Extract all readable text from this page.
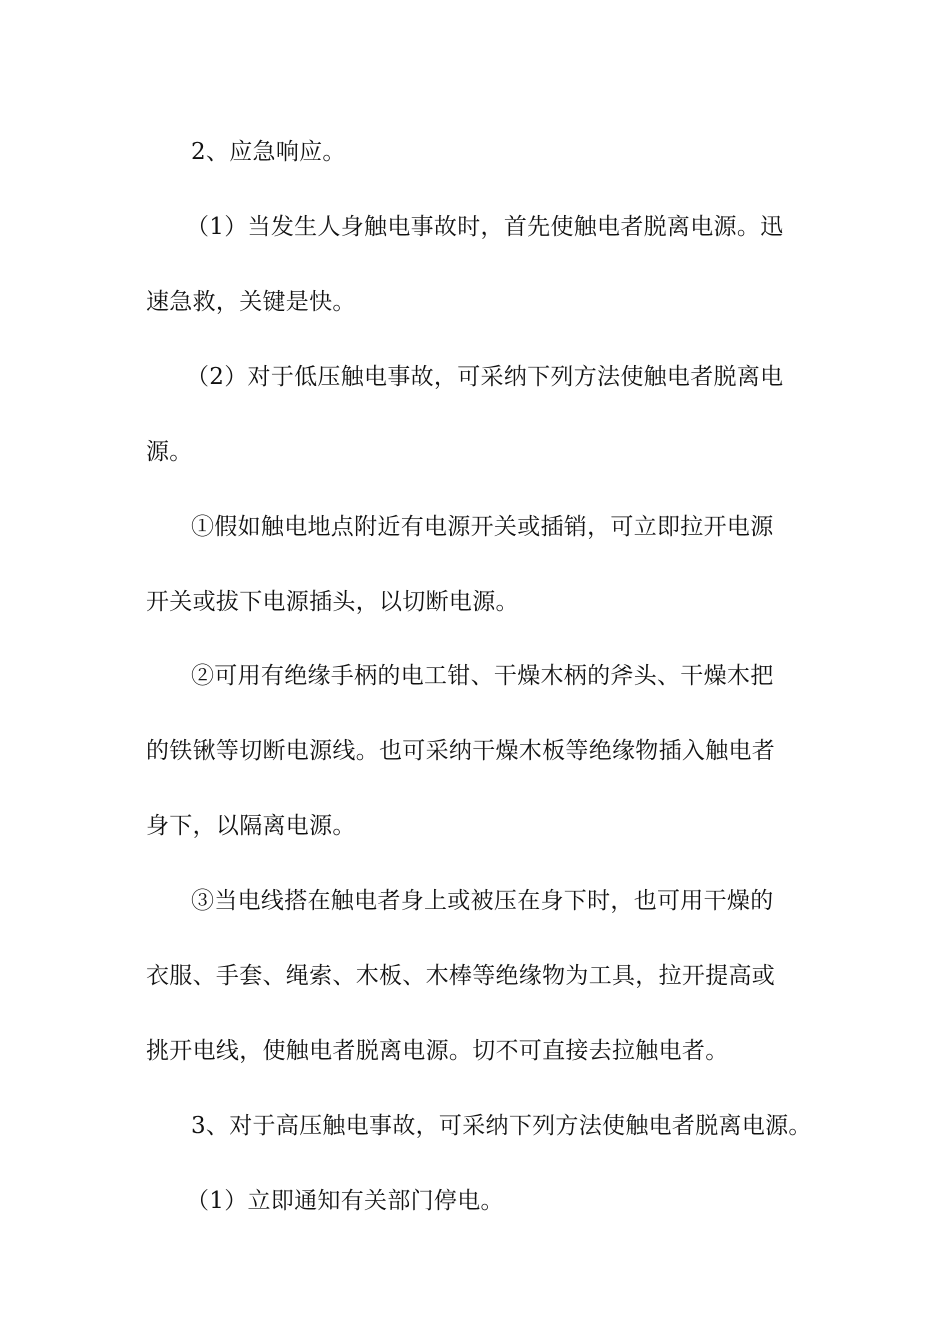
2、应急响应。
（1）当发生人身触电事故时，首先使触电者脱离电源。迅
速急救，关键是快。
（2）对于低压触电事故，可采纳下列方法使触电者脱离电
源。
①假如触电地点附近有电源开关或插销，可立即拉开电源
开关或拔下电源插头，以切断电源。
②可用有绝缘手柄的电工钳、干燥木柄的斧头、干燥木把
的铁锹等切断电源线。也可采纳干燥木板等绝缘物插入触电者
身下，以隔离电源。
③当电线搭在触电者身上或被压在身下时，也可用干燥的
衣服、手套、绳索、木板、木棒等绝缘物为工具，拉开提高或
挑开电线，使触电者脱离电源。切不可直接去拉触电者。
3、对于高压触电事故，可采纳下列方法使触电者脱离电源。
（1）立即通知有关部门停电。
